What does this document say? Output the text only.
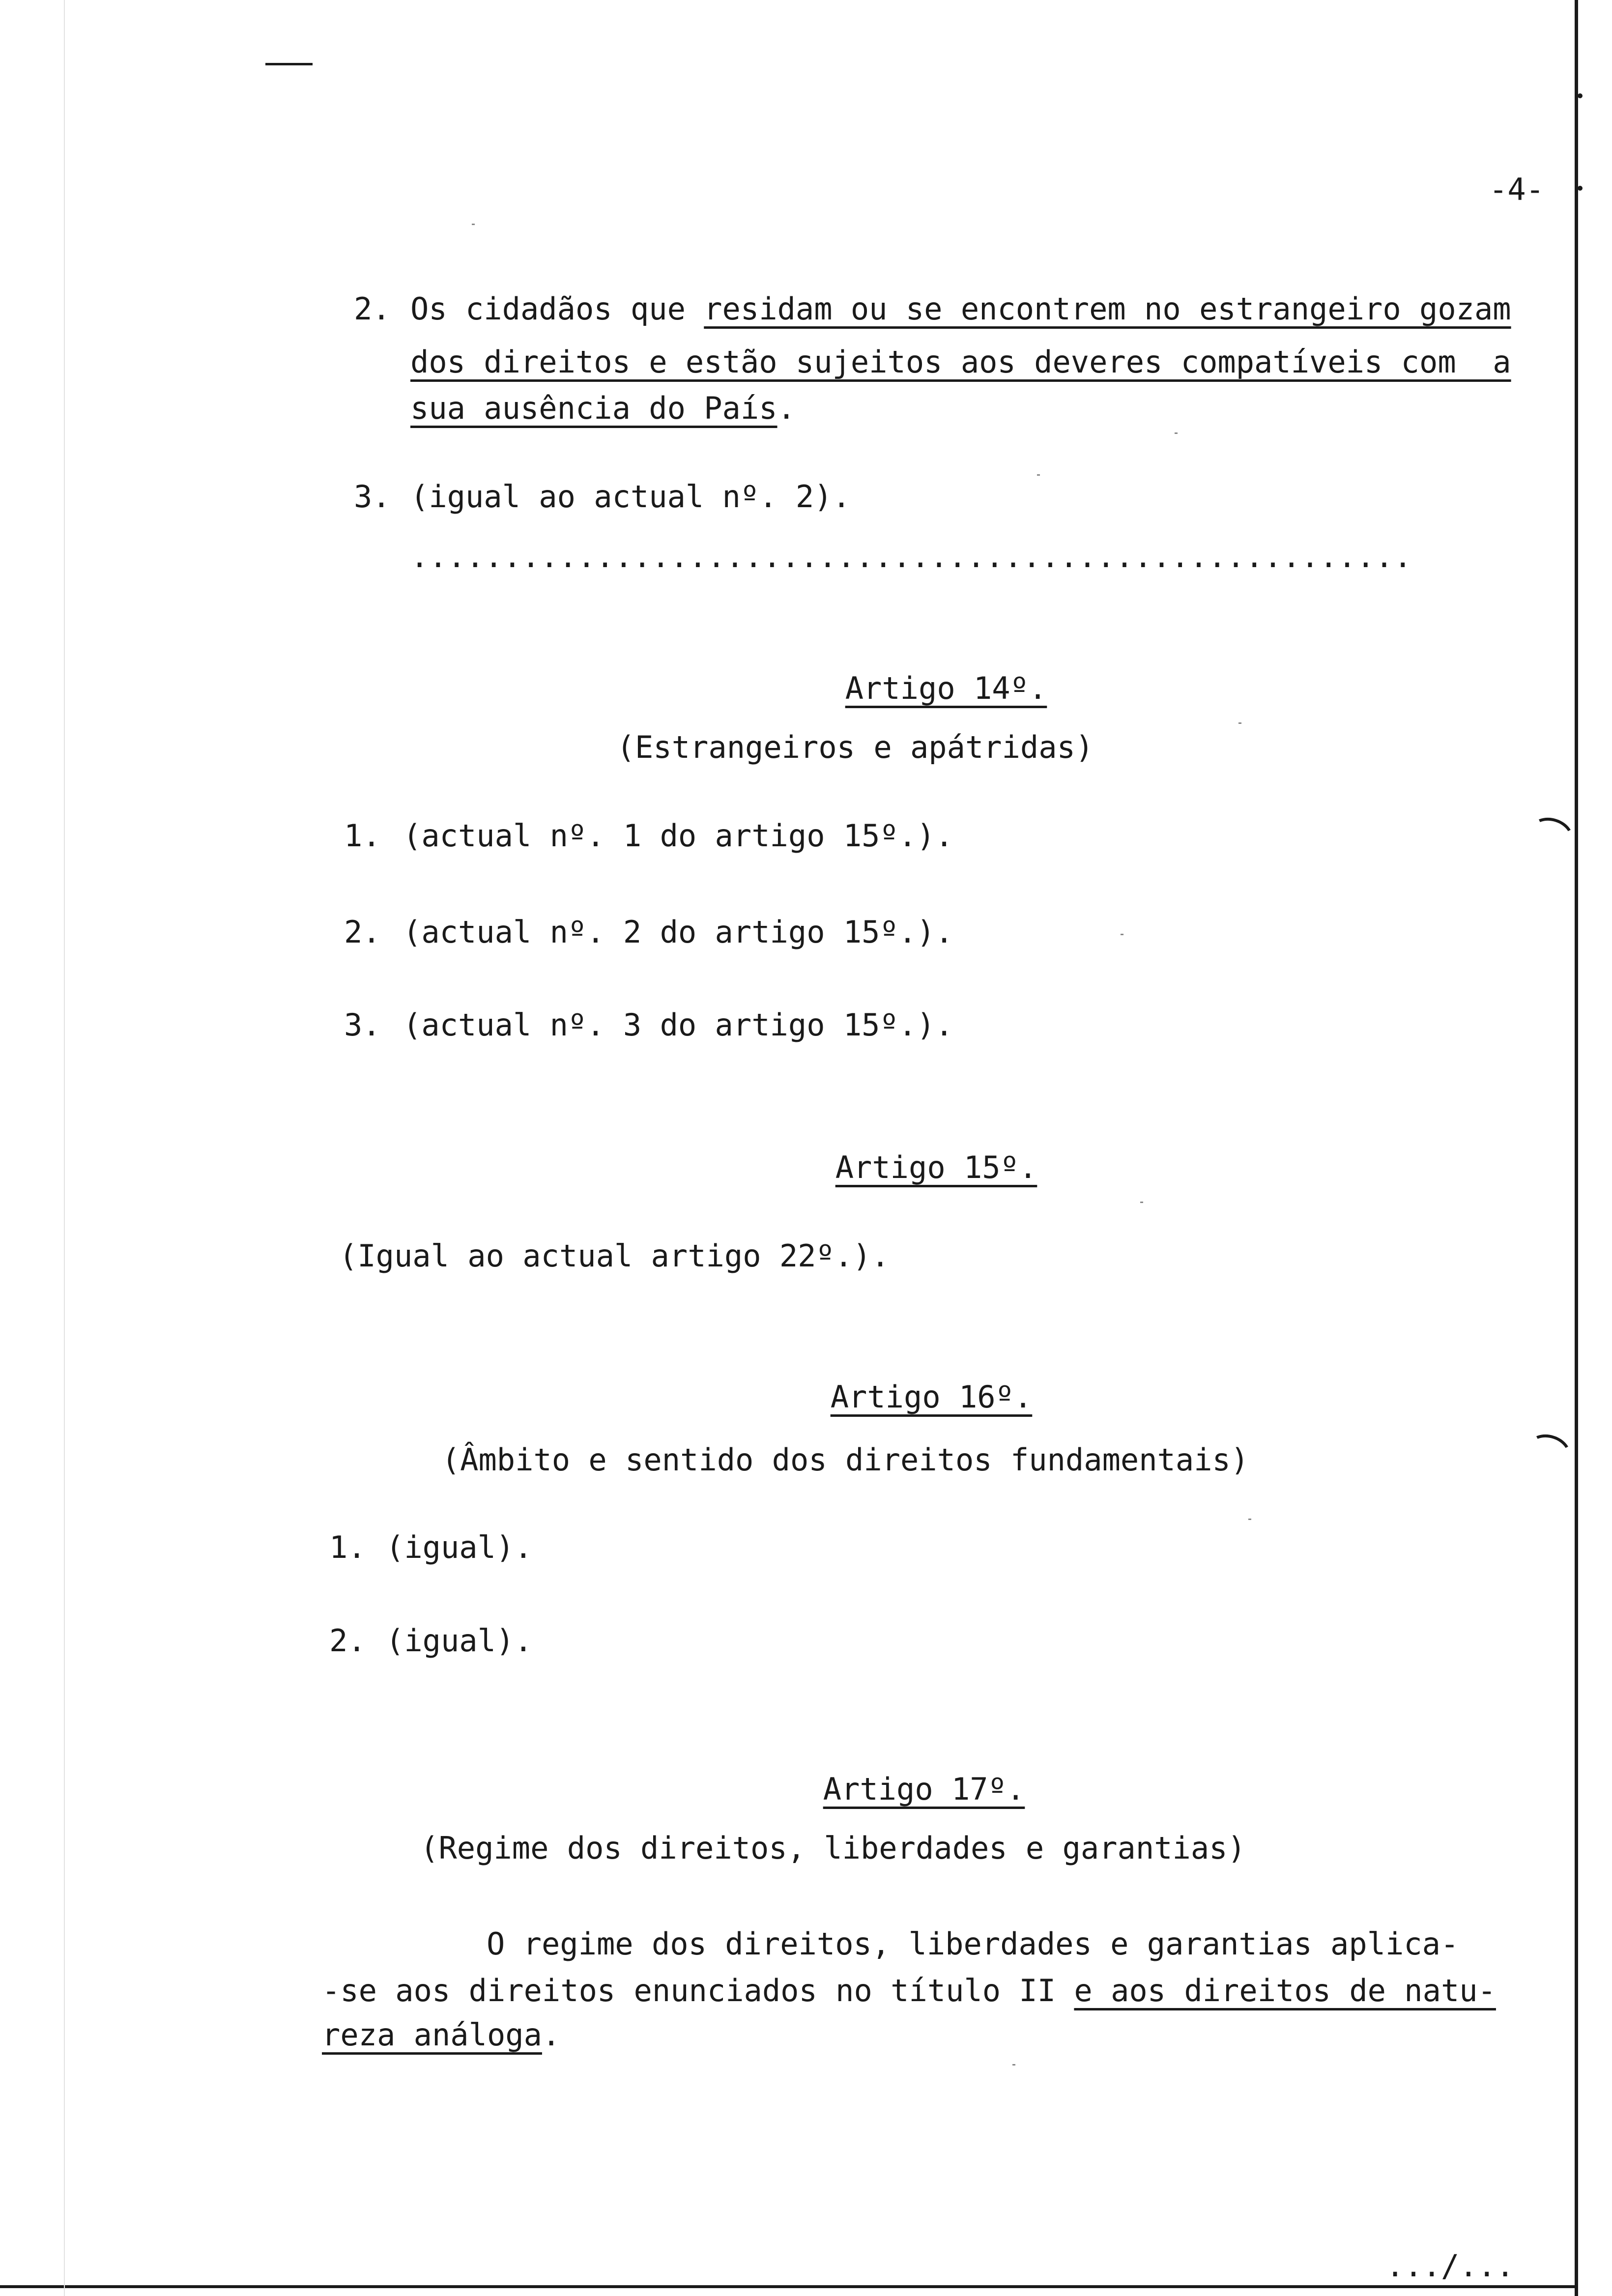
-4-
2. Os cidadãos que residam ou se encontrem no estrangeiro gozam
dos direitos e estão sujeitos aos deveres compatíveis com  a
sua ausência do País.
3. (igual ao actual nº. 2).
......................................................
Artigo 14º.
(Estrangeiros e apátridas)
1. (actual nº. 1 do artigo 15º.).
2. (actual nº. 2 do artigo 15º.).
3. (actual nº. 3 do artigo 15º.).
Artigo 15º.
(Igual ao actual artigo 22º.).
Artigo 16º.
(Âmbito e sentido dos direitos fundamentais)
1. (igual).
2. (igual).
Artigo 17º.
(Regime dos direitos, liberdades e garantias)
O regime dos direitos, liberdades e garantias aplica-
-se aos direitos enunciados no título II e aos direitos de natu-
reza análoga.
.../...
